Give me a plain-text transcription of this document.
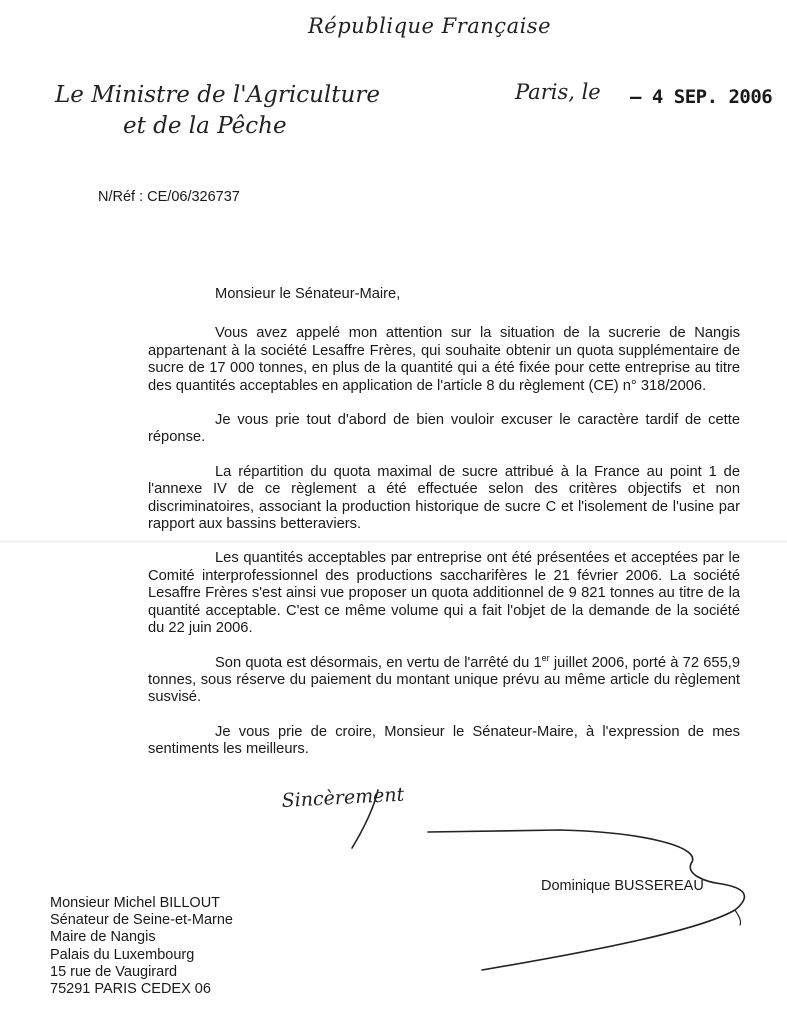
République Française
Le Ministre de l'Agriculture
et de la Pêche
Paris, le – 4 SEP. 2006
N/Réf : CE/06/326737
Monsieur le Sénateur-Maire,

Vous avez appelé mon attention sur la situation de la sucrerie de Nangis appartenant à la société Lesaffre Frères, qui souhaite obtenir un quota supplémentaire de sucre de 17 000 tonnes, en plus de la quantité qui a été fixée pour cette entreprise au titre des quantités acceptables en application de l'article 8 du règlement (CE) n° 318/2006.

Je vous prie tout d'abord de bien vouloir excuser le caractère tardif de cette réponse.

La répartition du quota maximal de sucre attribué à la France au point 1 de l'annexe IV de ce règlement a été effectuée selon des critères objectifs et non discriminatoires, associant la production historique de sucre C et l'isolement de l'usine par rapport aux bassins betteraviers.

Les quantités acceptables par entreprise ont été présentées et acceptées par le Comité interprofessionnel des productions saccharifères le 21 février 2006. La société Lesaffre Frères s'est ainsi vue proposer un quota additionnel de 9 821 tonnes au titre de la quantité acceptable. C'est ce même volume qui a fait l'objet de la demande de la société du 22 juin 2006.

Son quota est désormais, en vertu de l'arrêté du 1er juillet 2006, porté à 72 655,9 tonnes, sous réserve du paiement du montant unique prévu au même article du règlement susvisé.

Je vous prie de croire, Monsieur le Sénateur-Maire, à l'expression de mes sentiments les meilleurs.

Sincèrement
Dominique BUSSEREAU
Monsieur Michel BILLOUT
Sénateur de Seine-et-Marne
Maire de Nangis
Palais du Luxembourg
15 rue de Vaugirard
75291 PARIS CEDEX 06
